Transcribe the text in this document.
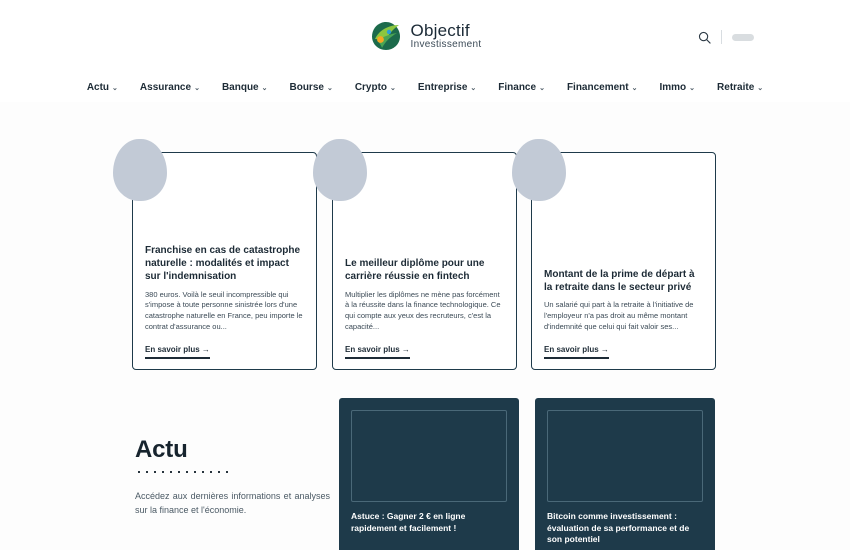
Objectif
Investissement
Actu ⌄ Assurance ⌄ Banque ⌄ Bourse ⌄ Crypto ⌄ Entreprise ⌄ Finance ⌄ Financement ⌄ Immo ⌄ Retraite ⌄
Franchise en cas de catastrophe naturelle : modalités et impact sur l'indemnisation

380 euros. Voilà le seuil incompressible qui s'impose à toute personne sinistrée lors d'une catastrophe naturelle en France, peu importe le contrat d'assurance ou...

En savoir plus →
Le meilleur diplôme pour une carrière réussie en fintech

Multiplier les diplômes ne mène pas forcément à la réussite dans la finance technologique. Ce qui compte aux yeux des recruteurs, c'est la capacité...

En savoir plus →
Montant de la prime de départ à la retraite dans le secteur privé

Un salarié qui part à la retraite à l'initiative de l'employeur n'a pas droit au même montant d'indemnité que celui qui fait valoir ses...

En savoir plus →
Actu

Accédez aux dernières informations et analyses sur la finance et l'économie.

Astuce : Gagner 2 € en ligne rapidement et facilement !
Bitcoin comme investissement : évaluation de sa performance et de son potentiel
